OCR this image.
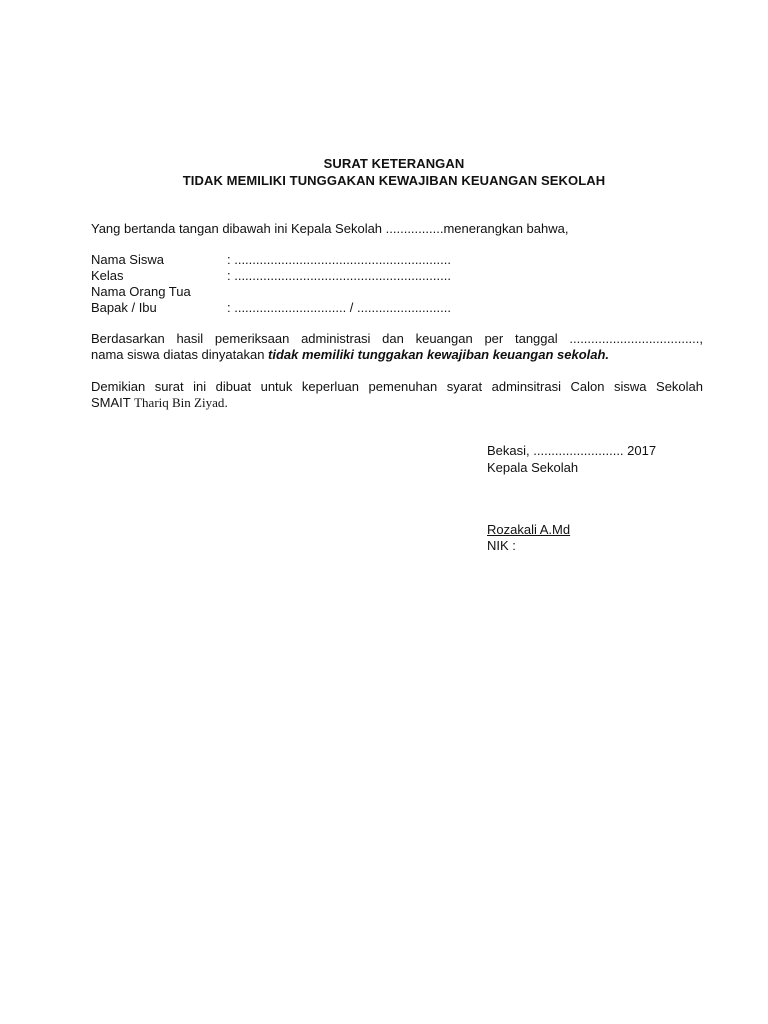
SURAT KETERANGAN
TIDAK MEMILIKI TUNGGAKAN KEWAJIBAN KEUANGAN SEKOLAH
Yang bertanda tangan dibawah ini Kepala Sekolah ................menerangkan bahwa,
Nama Siswa	: ............................................................
Kelas	: ............................................................
Nama Orang Tua
Bapak / Ibu	: ............................... / ..........................
Berdasarkan hasil pemeriksaan administrasi dan keuangan per tanggal ....................................,
nama siswa diatas dinyatakan tidak memiliki tunggakan kewajiban keuangan sekolah.
Demikian surat ini dibuat untuk keperluan pemenuhan syarat adminsitrasi Calon siswa Sekolah
SMAIT Thariq Bin Ziyad.
Bekasi, ......................... 2017
Kepala Sekolah
Rozakali A.Md
NIK :
